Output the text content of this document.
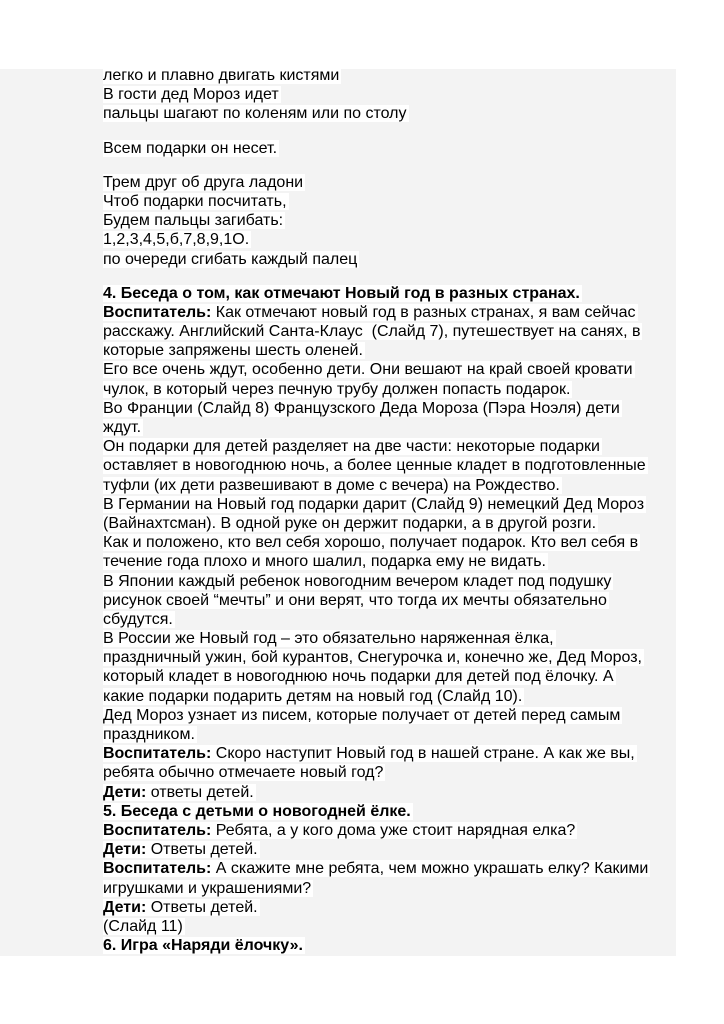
легко и плавно двигать кистями
В гости дед Мороз идет
пальцы шагают по коленям или по столу
Всем подарки он несет.
Трем друг об друга ладони
Чтоб подарки посчитать,
Будем пальцы загибать:
1,2,3,4,5,б,7,8,9,1О.
по очереди сгибать каждый палец
4. Беседа о том, как отмечают Новый год в разных странах.
Воспитатель: Как отмечают новый год в разных странах, я вам сейчас
расскажу. Английский Санта-Клаус  (Слайд 7), путешествует на санях, в
которые запряжены шесть оленей.
Его все очень ждут, особенно дети. Они вешают на край своей кровати
чулок, в который через печную трубу должен попасть подарок.
Во Франции (Слайд 8) Французского Деда Мороза (Пэра Ноэля) дети
ждут.
Он подарки для детей разделяет на две части: некоторые подарки
оставляет в новогоднюю ночь, а более ценные кладет в подготовленные
туфли (их дети развешивают в доме с вечера) на Рождество.
В Германии на Новый год подарки дарит (Слайд 9) немецкий Дед Мороз
(Вайнахтсман). В одной руке он держит подарки, а в другой розги.
Как и положено, кто вел себя хорошо, получает подарок. Кто вел себя в
течение года плохо и много шалил, подарка ему не видать.
В Японии каждый ребенок новогодним вечером кладет под подушку
рисунок своей “мечты” и они верят, что тогда их мечты обязательно
сбудутся.
В России же Новый год – это обязательно наряженная ёлка,
праздничный ужин, бой курантов, Снегурочка и, конечно же, Дед Мороз,
который кладет в новогоднюю ночь подарки для детей под ёлочку. А
какие подарки подарить детям на новый год (Слайд 10).
Дед Мороз узнает из писем, которые получает от детей перед самым
праздником.
Воспитатель: Скоро наступит Новый год в нашей стране. А как же вы,
ребята обычно отмечаете новый год?
Дети: ответы детей.
5. Беседа с детьми о новогодней ёлке.
Воспитатель: Ребята, а у кого дома уже стоит нарядная елка?
Дети: Ответы детей.
Воспитатель: А скажите мне ребята, чем можно украшать елку? Какими
игрушками и украшениями?
Дети: Ответы детей.
(Слайд 11)
6. Игра «Наряди ёлочку».
